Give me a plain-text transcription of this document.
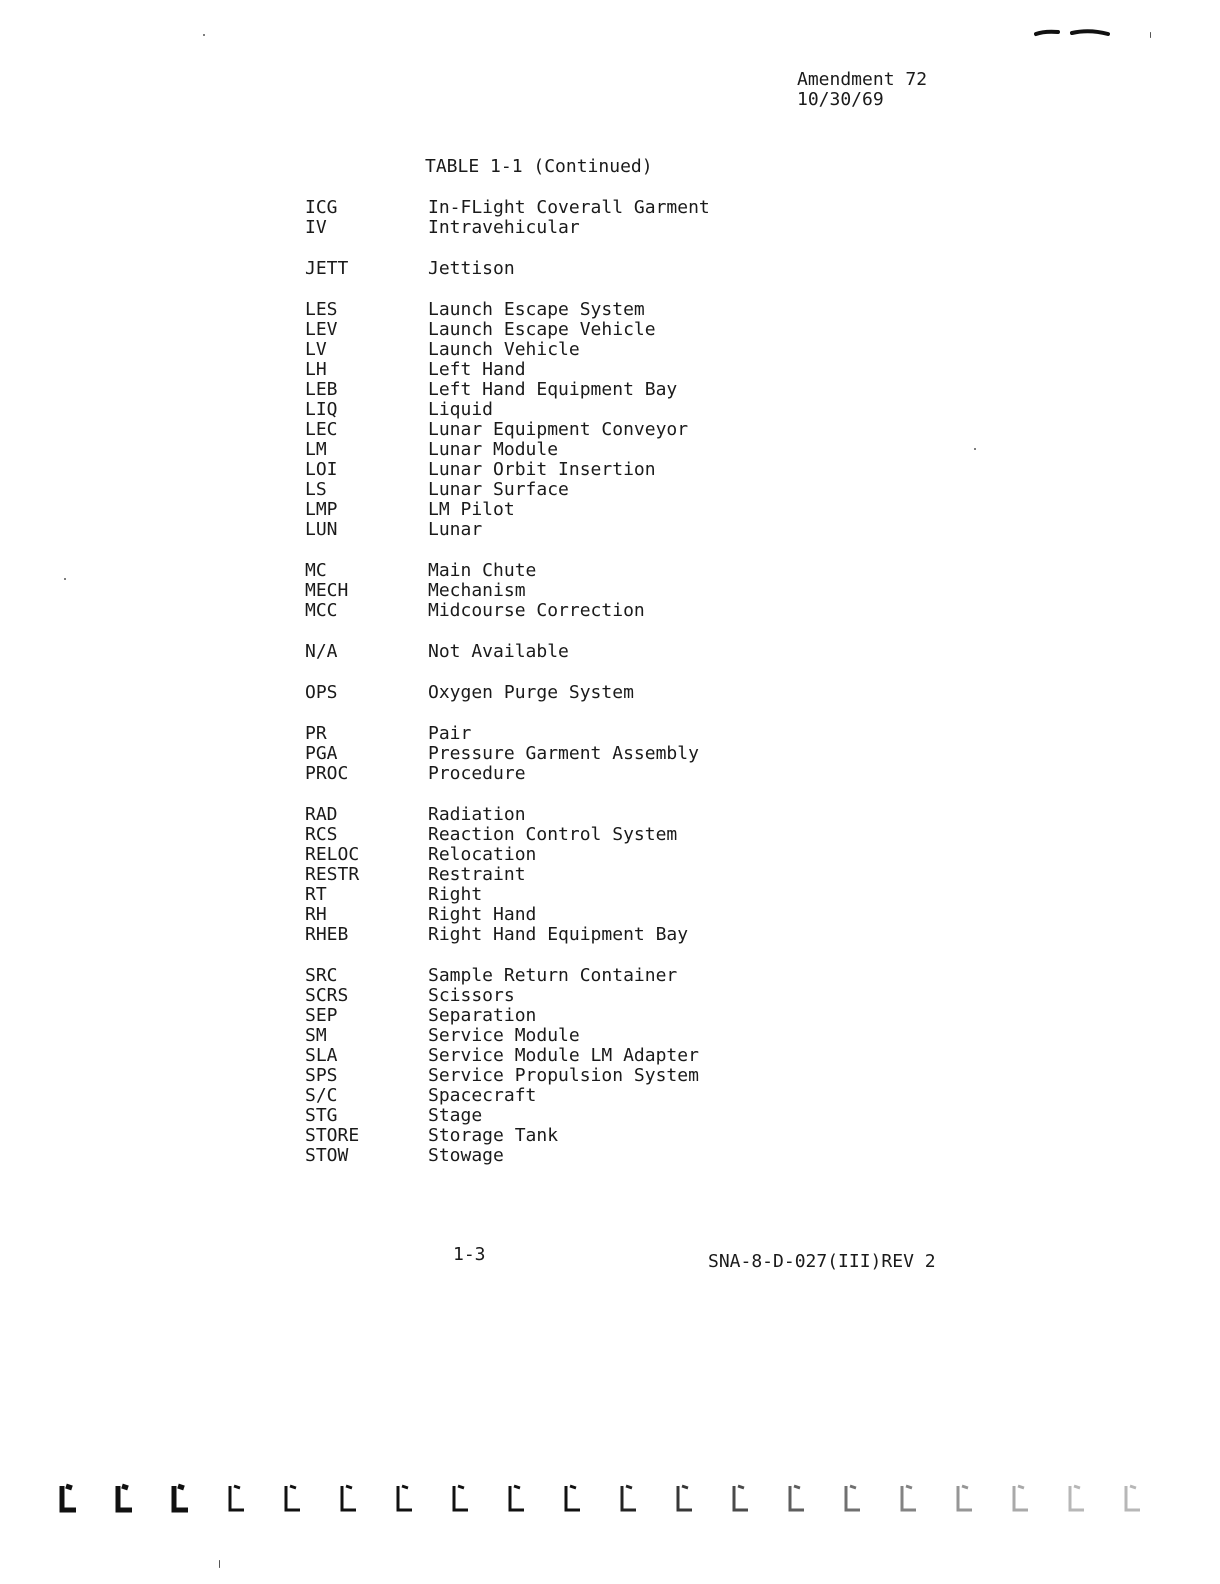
Amendment 72
10/30/69
TABLE 1-1 (Continued)
ICG	In-FLight Coverall Garment
IV	Intravehicular
JETT	Jettison
LES	Launch Escape System
LEV	Launch Escape Vehicle
LV	Launch Vehicle
LH	Left Hand
LEB	Left Hand Equipment Bay
LIQ	Liquid
LEC	Lunar Equipment Conveyor
LM	Lunar Module
LOI	Lunar Orbit Insertion
LS	Lunar Surface
LMP	LM Pilot
LUN	Lunar
MC	Main Chute
MECH	Mechanism
MCC	Midcourse Correction
N/A	Not Available
OPS	Oxygen Purge System
PR	Pair
PGA	Pressure Garment Assembly
PROC	Procedure
RAD	Radiation
RCS	Reaction Control System
RELOC	Relocation
RESTR	Restraint
RT	Right
RH	Right Hand
RHEB	Right Hand Equipment Bay
SRC	Sample Return Container
SCRS	Scissors
SEP	Separation
SM	Service Module
SLA	Service Module LM Adapter
SPS	Service Propulsion System
S/C	Spacecraft
STG	Stage
STORE	Storage Tank
STOW	Stowage
1-3	SNA-8-D-027(III)REV 2
